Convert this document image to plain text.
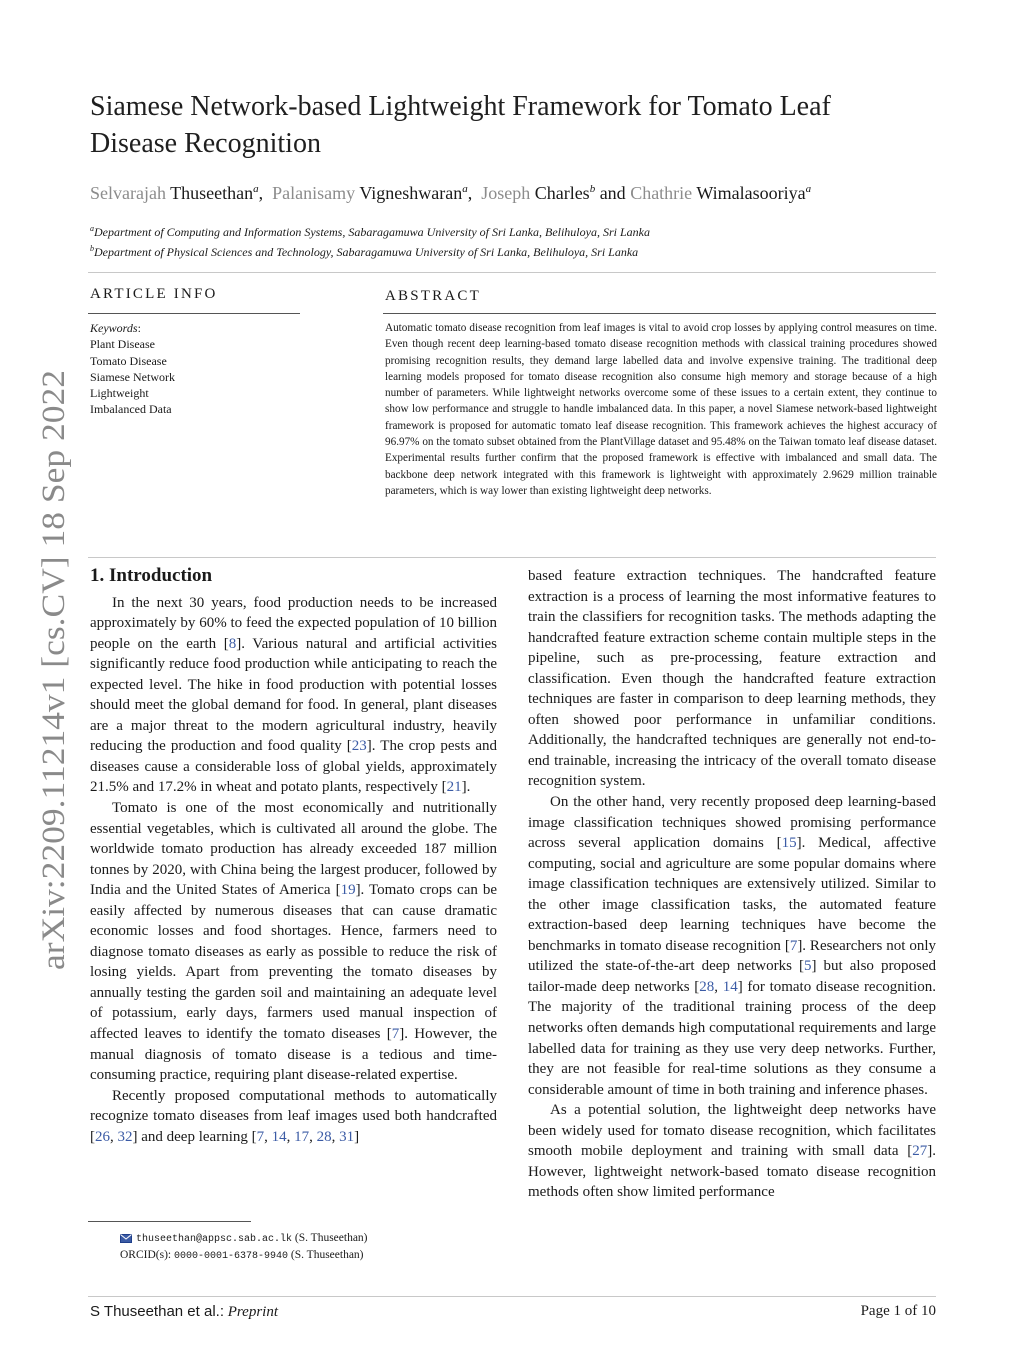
Siamese Network-based Lightweight Framework for Tomato Leaf Disease Recognition
Selvarajah Thuseethan$^a$,  Palanisamy Vigneshwaran$^a$,  Joseph Charles$^b$ and Chathrie Wimalasooriya$^a$
$^a$Department of Computing and Information Systems, Sabaragamuwa University of Sri Lanka, Belihuloya, Sri Lanka
$^b$Department of Physical Sciences and Technology, Sabaragamuwa University of Sri Lanka, Belihuloya, Sri Lanka
ARTICLE INFO
Keywords:
Plant Disease
Tomato Disease
Siamese Network
Lightweight
Imbalanced Data
ABSTRACT
Automatic tomato disease recognition from leaf images is vital to avoid crop losses by applying control measures on time. Even though recent deep learning-based tomato disease recognition methods with classical training procedures showed promising recognition results, they demand large labelled data and involve expensive training. The traditional deep learning models proposed for tomato disease recognition also consume high memory and storage because of a high number of parameters. While lightweight networks overcome some of these issues to a certain extent, they continue to show low performance and struggle to handle imbalanced data. In this paper, a novel Siamese network-based lightweight framework is proposed for automatic tomato leaf disease recognition. This framework achieves the highest accuracy of 96.97% on the tomato subset obtained from the PlantVillage dataset and 95.48% on the Taiwan tomato leaf disease dataset. Experimental results further confirm that the proposed framework is effective with imbalanced and small data. The backbone deep network integrated with this framework is lightweight with approximately 2.9629 million trainable parameters, which is way lower than existing lightweight deep networks.
arXiv:2209.11214v1 [cs.CV] 18 Sep 2022 1. Introduction

In the next 30 years, food production needs to be increased approximately by 60% to feed the expected population of 10 billion people on the earth [8]. Various natural and artificial activities significantly reduce food production while anticipating to reach the expected level. The hike in food production with potential losses should meet the global demand for food. In general, plant diseases are a major threat to the modern agricultural industry, heavily reducing the production and food quality [23]. The crop pests and diseases cause a considerable loss of global yields, approximately 21.5% and 17.2% in wheat and potato plants, respectively [21].

Tomato is one of the most economically and nutritionally essential vegetables, which is cultivated all around the globe. The worldwide tomato production has already exceeded 187 million tonnes by 2020, with China being the largest producer, followed by India and the United States of America [19]. Tomato crops can be easily affected by numerous diseases that can cause dramatic economic losses and food shortages. Hence, farmers need to diagnose tomato diseases as early as possible to reduce the risk of losing yields. Apart from preventing the tomato diseases by annually testing the garden soil and maintaining an adequate level of potassium, early days, farmers used manual inspection of affected leaves to identify the tomato diseases [7]. However, the manual diagnosis of tomato disease is a tedious and time-consuming practice, requiring plant disease-related expertise.

Recently proposed computational methods to automatically recognize tomato diseases from leaf images used both handcrafted [26, 32] and deep learning [7, 14, 17, 28, 31]

thuseethan@appsc.sab.ac.lk (S. Thuseethan)
ORCID(s): 0000-0001-6378-9940 (S. Thuseethan)

based feature extraction techniques. The handcrafted feature extraction is a process of learning the most informative features to train the classifiers for recognition tasks. The methods adapting the handcrafted feature extraction scheme contain multiple steps in the pipeline, such as pre-processing, feature extraction and classification. Even though the handcrafted feature extraction techniques are faster in comparison to deep learning methods, they often showed poor performance in unfamiliar conditions. Additionally, the handcrafted techniques are generally not end-to-end trainable, increasing the intricacy of the overall tomato disease recognition system.

On the other hand, very recently proposed deep learning-based image classification techniques showed promising performance across several application domains [15]. Medical, affective computing, social and agriculture are some popular domains where image classification techniques are extensively utilized. Similar to the other image classification tasks, the automated feature extraction-based deep learning techniques have become the benchmarks in tomato disease recognition [7]. Researchers not only utilized the state-of-the-art deep networks [5] but also proposed tailor-made deep networks [28, 14] for tomato disease recognition. The majority of the traditional training process of the deep networks often demands high computational requirements and large labelled data for training as they use very deep networks. Further, they are not feasible for real-time solutions as they consume a considerable amount of time in both training and inference phases.

As a potential solution, the lightweight deep networks have been widely used for tomato disease recognition, which facilitates smooth mobile deployment and training with small data [27]. However, lightweight network-based tomato disease recognition methods often show limited performance

S Thuseethan et al.: Preprint	Page 1 of 10
